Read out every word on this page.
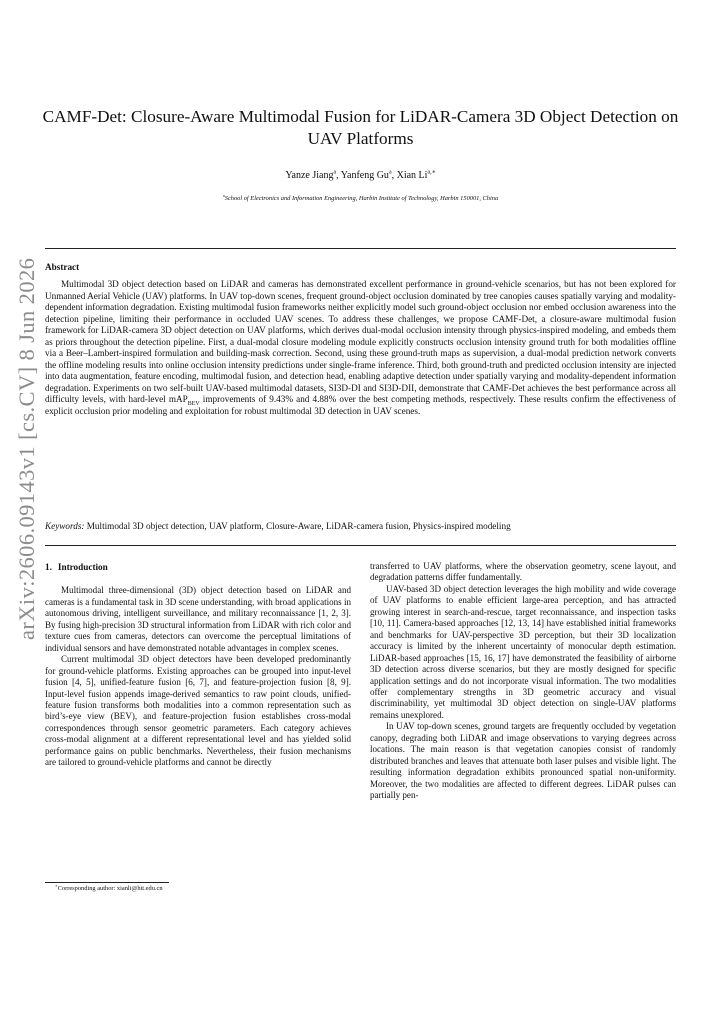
arXiv:2606.09143v1 [cs.CV] 8 Jun 2026
CAMF-Det: Closure-Aware Multimodal Fusion for LiDAR-Camera 3D Object Detection on UAV Platforms
Yanze Jiang$^a$, Yanfeng Gu$^a$, Xian $Li^{a,∗}$
$^a$School of Electronics and Information Engineering, Harbin Institute of Technology, Harbin 150001, China
Abstract
Multimodal 3D object detection based on LiDAR and cameras has demonstrated excellent performance in ground-vehicle scenarios, but has not been explored for Unmanned Aerial Vehicle (UAV) platforms. In UAV top-down scenes, frequent ground-object occlusion dominated by tree canopies causes spatially varying and modality-dependent information degradation. Existing multimodal fusion frameworks neither explicitly model such ground-object occlusion nor embed occlusion awareness into the detection pipeline, limiting their performance in occluded UAV scenes. To address these challenges, we propose CAMF-Det, a closure-aware multimodal fusion framework for LiDAR-camera 3D object detection on UAV platforms, which derives dual-modal occlusion intensity through physics-inspired modeling, and embeds them as priors throughout the detection pipeline. First, a dual-modal closure modeling module explicitly constructs occlusion intensity ground truth for both modalities offline via a Beer–Lambert-inspired formulation and building-mask correction. Second, using these ground-truth maps as supervision, a dual-modal prediction network converts the offline modeling results into online occlusion intensity predictions under single-frame inference. Third, both ground-truth and predicted occlusion intensity are injected into data augmentation, feature encoding, multimodal fusion, and detection head, enabling adaptive detection under spatially varying and modality-dependent information degradation. Experiments on two self-built UAV-based multimodal datasets, SI3D-DI and SI3D-DII, demonstrate that CAMF-Det achieves the best performance across all difficulty levels, with hard-level mAP$_{BEV}$ improvements of 9.43% and 4.88% over the best competing methods, respectively. These results confirm the effectiveness of explicit occlusion prior modeling and exploitation for robust multimodal 3D detection in UAV scenes.
Keywords: Multimodal 3D object detection, UAV platform, Closure-Aware, LiDAR-camera fusion, Physics-inspired modeling
1. Introduction

Multimodal three-dimensional (3D) object detection based on LiDAR and cameras is a fundamental task in 3D scene understanding, with broad applications in autonomous driving, intelligent surveillance, and military reconnaissance [1, 2, 3]. By fusing high-precision 3D structural information from LiDAR with rich color and texture cues from cameras, detectors can overcome the perceptual limitations of individual sensors and have demonstrated notable advantages in complex scenes.

Current multimodal 3D object detectors have been developed predominantly for ground-vehicle platforms. Existing approaches can be grouped into input-level fusion [4, 5], unified-feature fusion [6, 7], and feature-projection fusion [8, 9]. Input-level fusion appends image-derived semantics to raw point clouds, unified-feature fusion transforms both modalities into a common representation such as bird’s-eye view (BEV), and feature-projection fusion establishes cross-modal correspondences through sensor geometric parameters. Each category achieves cross-modal alignment at a different representational level and has yielded solid performance gains on public benchmarks. Nevertheless, their fusion mechanisms are tailored to ground-vehicle platforms and cannot be directly

transferred to UAV platforms, where the observation geometry, scene layout, and degradation patterns differ fundamentally.

UAV-based 3D object detection leverages the high mobility and wide coverage of UAV platforms to enable efficient large-area perception, and has attracted growing interest in search-and-rescue, target reconnaissance, and inspection tasks [10, 11]. Camera-based approaches [12, 13, 14] have established initial frameworks and benchmarks for UAV-perspective 3D perception, but their 3D localization accuracy is limited by the inherent uncertainty of monocular depth estimation. LiDAR-based approaches [15, 16, 17] have demonstrated the feasibility of airborne 3D detection across diverse scenarios, but they are mostly designed for specific application settings and do not incorporate visual information. The two modalities offer complementary strengths in 3D geometric accuracy and visual discriminability, yet multimodal 3D object detection on single-UAV platforms remains unexplored.

In UAV top-down scenes, ground targets are frequently occluded by vegetation canopy, degrading both LiDAR and image observations to varying degrees across locations. The main reason is that vegetation canopies consist of randomly distributed branches and leaves that attenuate both laser pulses and visible light. The resulting information degradation exhibits pronounced spatial non-uniformity. Moreover, the two modalities are affected to different degrees. LiDAR pulses can partially pen-

∗Corresponding author: xianli@hit.edu.cn
